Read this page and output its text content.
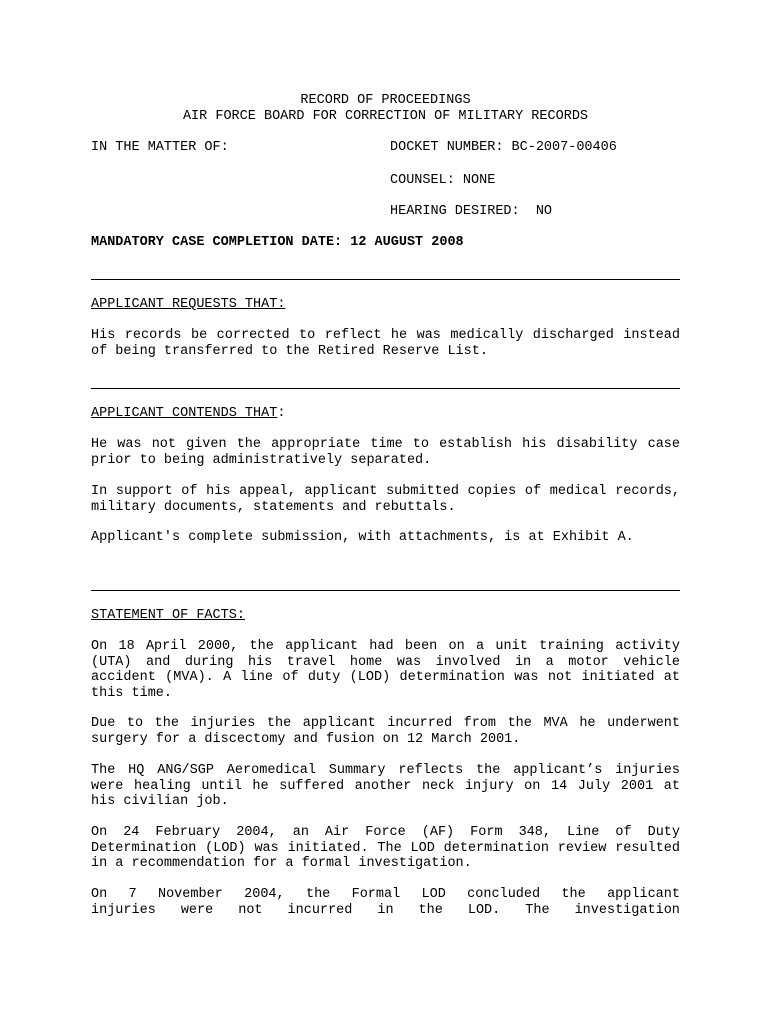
RECORD OF PROCEEDINGS
AIR FORCE BOARD FOR CORRECTION OF MILITARY RECORDS
IN THE MATTER OF:	DOCKET NUMBER: BC-2007-00406
COUNSEL: NONE
HEARING DESIRED:  NO
MANDATORY CASE COMPLETION DATE: 12 AUGUST 2008
APPLICANT REQUESTS THAT:
His records be corrected to reflect he was medically discharged instead of being transferred to the Retired Reserve List.
APPLICANT CONTENDS THAT:
He was not given the appropriate time to establish his disability case prior to being administratively separated.
In support of his appeal, applicant submitted copies of medical records, military documents, statements and rebuttals.
Applicant's complete submission, with attachments, is at Exhibit A.
STATEMENT OF FACTS:
On 18 April 2000, the applicant had been on a unit training activity (UTA) and during his travel home was involved in a motor vehicle accident (MVA). A line of duty (LOD) determination was not initiated at this time.
Due to the injuries the applicant incurred from the MVA he underwent surgery for a discectomy and fusion on 12 March 2001.
The HQ ANG/SGP Aeromedical Summary reflects the applicant’s injuries were healing until he suffered another neck injury on 14 July 2001 at his civilian job.
On 24 February 2004, an Air Force (AF) Form 348, Line of Duty Determination (LOD) was initiated. The LOD determination review resulted in a recommendation for a formal investigation.
On 7 November 2004, the Formal LOD concluded the applicant
injuries were not incurred in the LOD. The investigation
